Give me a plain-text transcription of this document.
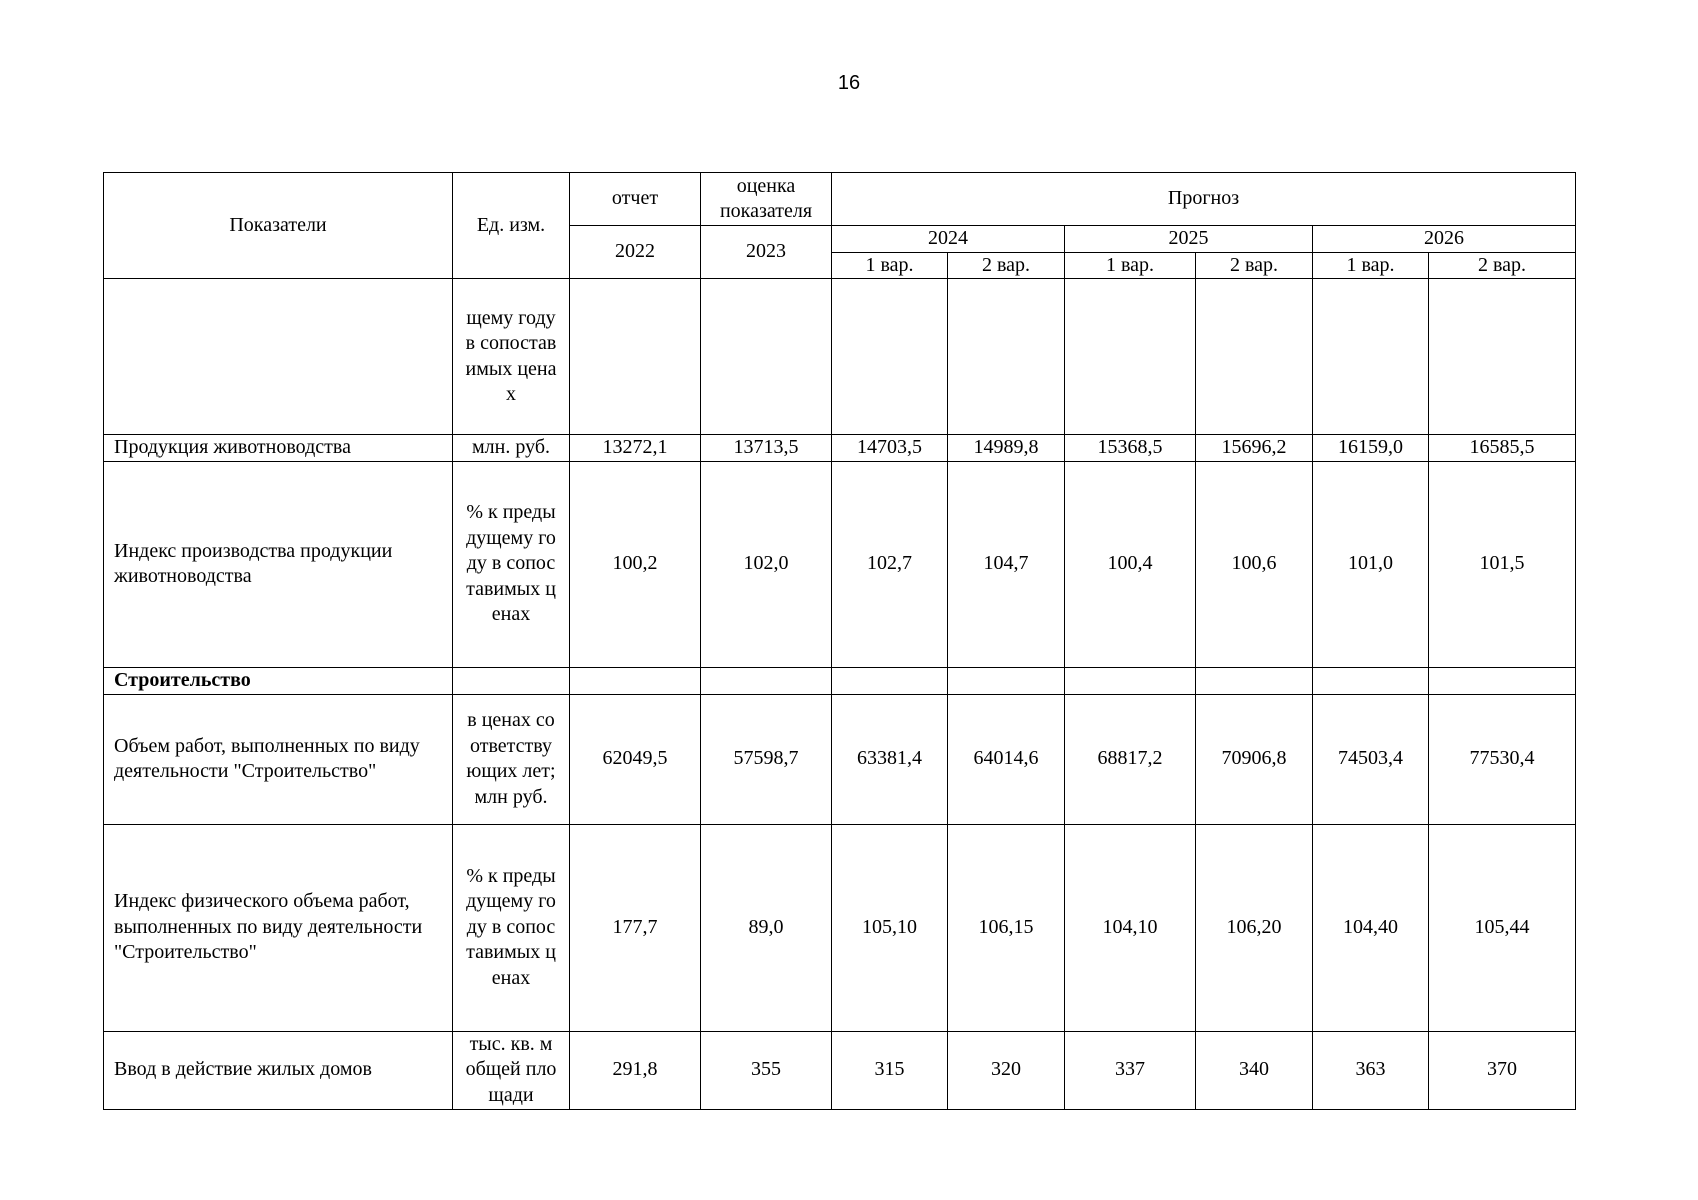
16
Показатели	Ед. изм.	отчет	оценка показателя	Прогноз					
		2022	2023	2024		2025		2026	
				1 вар.	2 вар.	1 вар.	2 вар.	1 вар.	2 вар.
	щему году в сопоставимых ценах								
Продукция животноводства	млн. руб.	13272,1	13713,5	14703,5	14989,8	15368,5	15696,2	16159,0	16585,5
Индекс производства продукции животноводства	% к предыдущему году в сопоставимых ценах	100,2	102,0	102,7	104,7	100,4	100,6	101,0	101,5
Строительство									
Объем работ, выполненных по виду деятельности "Строительство"	в ценах соответствующих лет; млн руб.	62049,5	57598,7	63381,4	64014,6	68817,2	70906,8	74503,4	77530,4
Индекс физического объема работ, выполненных по виду деятельности "Строительство"	% к предыдущему году в сопоставимых ценах	177,7	89,0	105,10	106,15	104,10	106,20	104,40	105,44
Ввод в действие жилых домов	тыс. кв. м общей площади	291,8	355	315	320	337	340	363	370
